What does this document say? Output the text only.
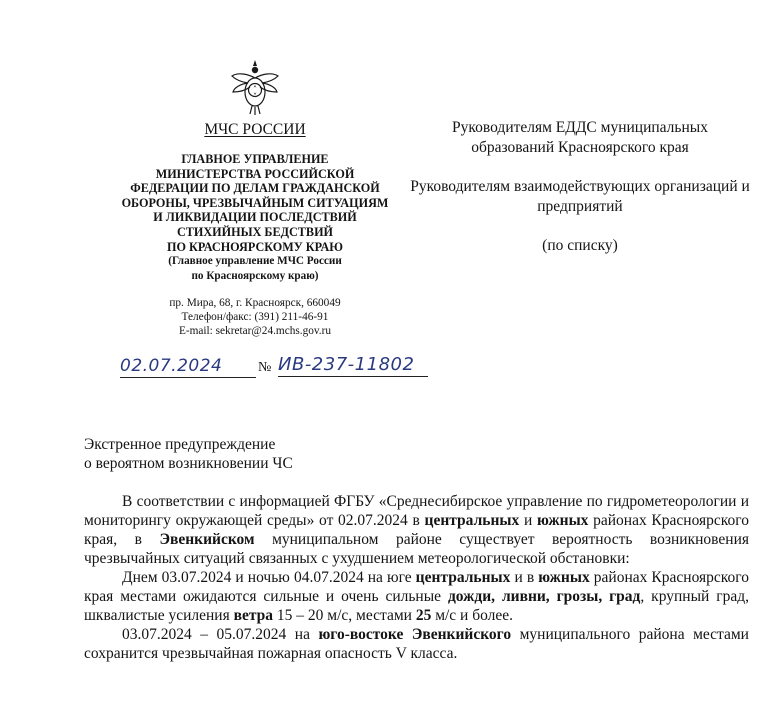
МЧС РОССИИ
ГЛАВНОЕ УПРАВЛЕНИЕ
МИНИСТЕРСТВА РОССИЙСКОЙ
ФЕДЕРАЦИИ ПО ДЕЛАМ ГРАЖДАНСКОЙ
ОБОРОНЫ, ЧРЕЗВЫЧАЙНЫМ СИТУАЦИЯМ
И ЛИКВИДАЦИИ ПОСЛЕДСТВИЙ
СТИХИЙНЫХ БЕДСТВИЙ
ПО КРАСНОЯРСКОМУ КРАЮ
(Главное управление МЧС России
по Красноярскому краю)
пр. Мира, 68, г. Красноярск, 660049
Телефон/факс: (391) 211-46-91
E-mail: sekretar@24.mchs.gov.ru
02.07.2024	№ ИВ-237-11802

Руководителям ЕДДС муниципальных образований Красноярского края

Руководителям взаимодействующих организаций и предприятий

(по списку)

Экстренное предупреждение
о вероятном возникновении ЧС

В соответствии с информацией ФГБУ «Среднесибирское управление по гидрометеорологии и мониторингу окружающей среды» от 02.07.2024 в центральных и южных районах Красноярского края, в Эвенкийском муниципальном районе существует вероятность возникновения чрезвычайных ситуаций связанных с ухудшением метеорологической обстановки:

Днем 03.07.2024 и ночью 04.07.2024 на юге центральных и в южных районах Красноярского края местами ожидаются сильные и очень сильные дожди, ливни, грозы, град, крупный град, шквалистые усиления ветра 15 – 20 м/с, местами 25 м/с и более.

03.07.2024 – 05.07.2024 на юго-востоке Эвенкийского муниципального района местами сохранится чрезвычайная пожарная опасность V класса.
